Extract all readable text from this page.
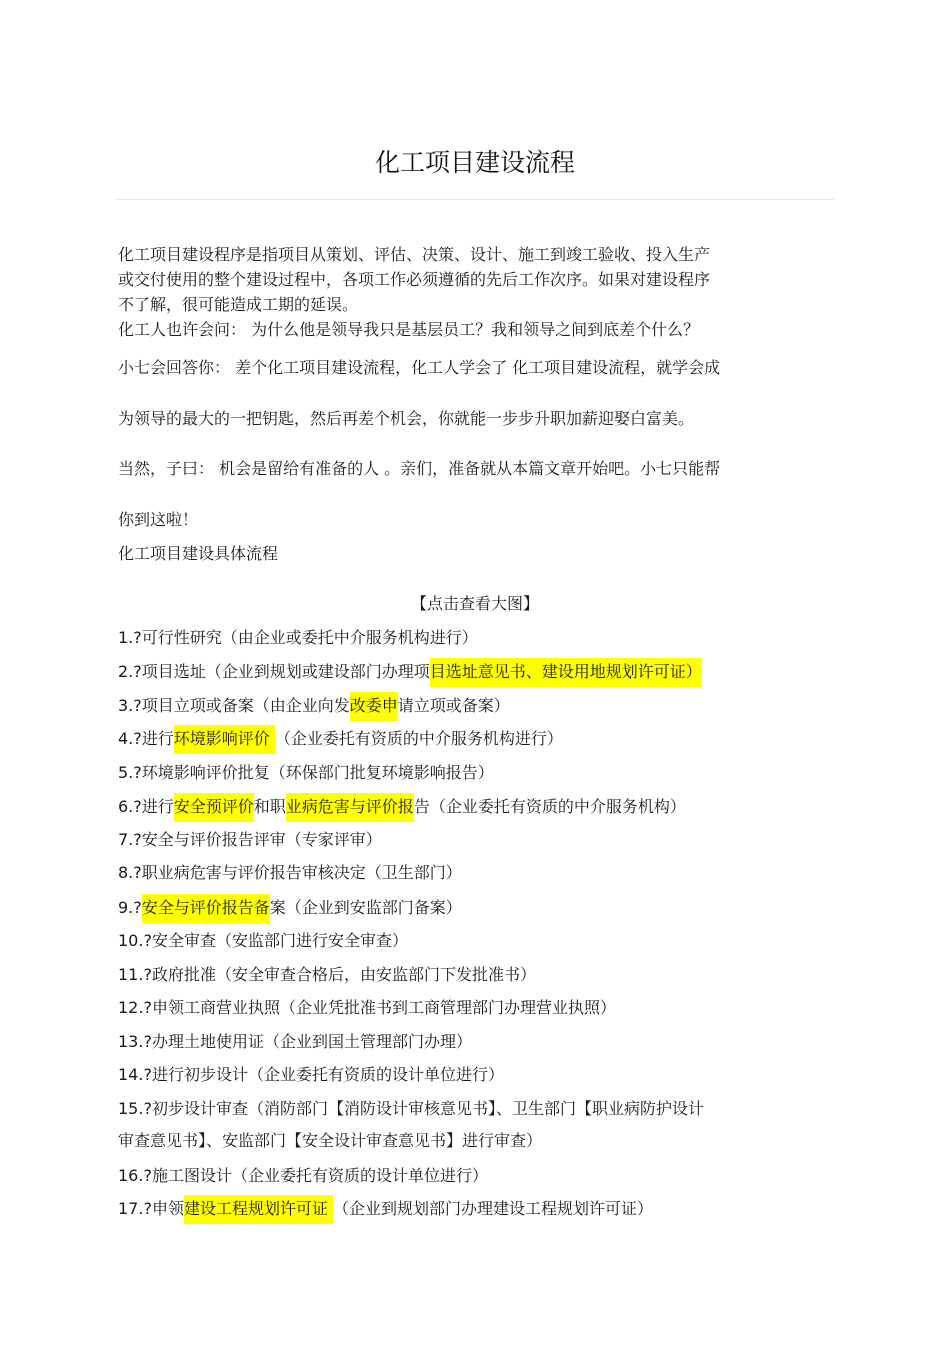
化工项目建设流程
化工项目建设程序是指项目从策划、评估、决策、设计、施工到竣工验收、投入生产
或交付使用的整个建设过程中，各项工作必须遵循的先后工作次序。如果对建设程序
不了解，很可能造成工期的延误。
化工人也许会问： 为什么他是领导我只是基层员工？我和领导之间到底差个什么？
小七会回答你： 差个化工项目建设流程，化工人学会了 化工项目建设流程，就学会成
为领导的最大的一把钥匙，然后再差个机会，你就能一步步升职加薪迎娶白富美。
当然，子曰： 机会是留给有准备的人 。亲们，准备就从本篇文章开始吧。小七只能帮
你到这啦！
化工项目建设具体流程
【点击查看大图】
1.?可行性研究（由企业或委托中介服务机构进行）
2.?项目选址（企业到规划或建设部门办理项目选址意见书、建设用地规划许可证）
3.?项目立项或备案（由企业向发改委申请立项或备案）
4.?进行环境影响评价 （企业委托有资质的中介服务机构进行）
5.?环境影响评价批复（环保部门批复环境影响报告）
6.?进行安全预评价和职业病危害与评价报告（企业委托有资质的中介服务机构）
7.?安全与评价报告评审（专家评审）
8.?职业病危害与评价报告审核决定（卫生部门）
9.?安全与评价报告备案（企业到安监部门备案）
10.?安全审查（安监部门进行安全审查）
11.?政府批准（安全审查合格后，由安监部门下发批准书）
12.?申领工商营业执照（企业凭批准书到工商管理部门办理营业执照）
13.?办理土地使用证（企业到国土管理部门办理）
14.?进行初步设计（企业委托有资质的设计单位进行）
15.?初步设计审查（消防部门【消防设计审核意见书】、卫生部门【职业病防护设计
审查意见书】、安监部门【安全设计审查意见书】进行审查）
16.?施工图设计（企业委托有资质的设计单位进行）
17.?申领建设工程规划许可证 （企业到规划部门办理建设工程规划许可证）
